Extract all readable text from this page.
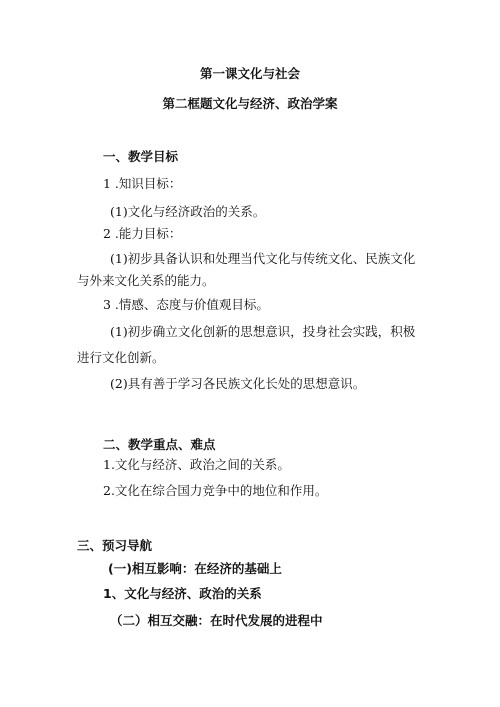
第一课文化与社会
第二框题文化与经济、政治学案
一、教学目标
1 .知识目标：
(1)文化与经济政治的关系。
2 .能力目标：
(1)初步具备认识和处理当代文化与传统文化、民族文化
与外来文化关系的能力。
3 .情感、态度与价值观目标。
(1)初步确立文化创新的思想意识，投身社会实践，积极
进行文化创新。
(2)具有善于学习各民族文化长处的思想意识。
二、教学重点、难点
1.文化与经济、政治之间的关系。
2.文化在综合国力竞争中的地位和作用。
三、预习导航
(一)相互影响：在经济的基础上
1、文化与经济、政治的关系
（二）相互交融：在时代发展的进程中
